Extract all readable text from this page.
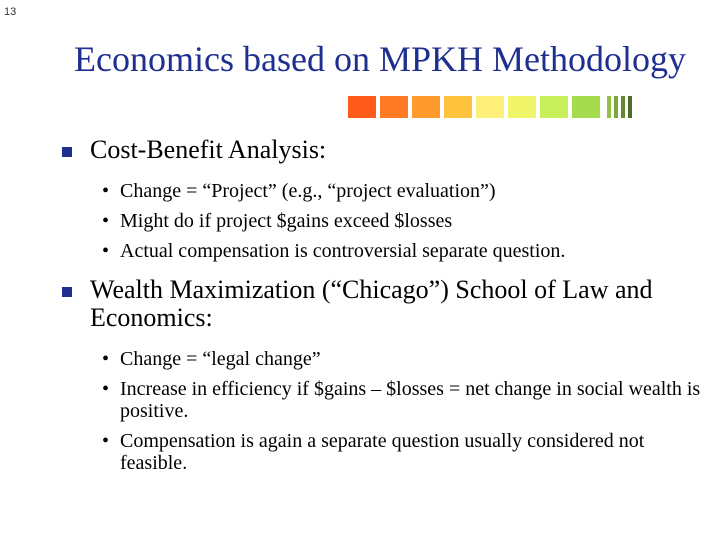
13
Economics based on MPKH Methodology
Cost-Benefit Analysis:
• Change = “Project” (e.g., “project evaluation”)
• Might do if project $gains exceed $losses
• Actual compensation is controversial separate question.
Wealth Maximization (“Chicago”) School of Law and Economics:
• Change = “legal change”
• Increase in efficiency if $gains – $losses = net change in social wealth is positive.
• Compensation is again a separate question usually considered not feasible.
